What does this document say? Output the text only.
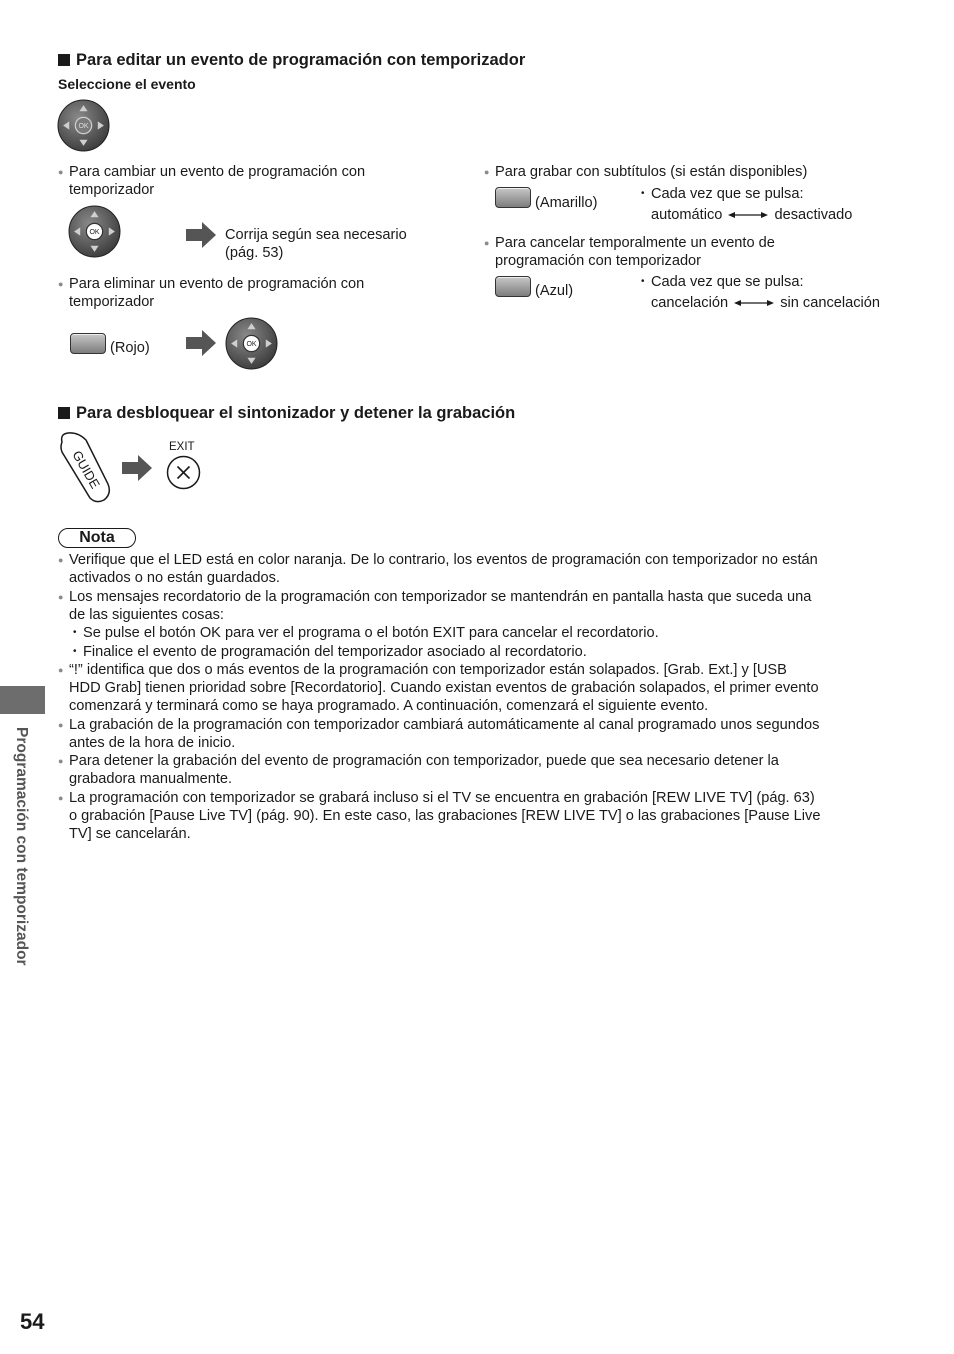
Para editar un evento de programación con temporizador
Seleccione el evento
OK
● Para cambiar un evento de programación con
temporizador
OK	Corrija según sea necesario
(pág. 53)
● Para eliminar un evento de programación con
temporizador
(Rojo)	OK
● Para grabar con subtítulos (si están disponibles)
(Amarillo)
• Cada vez que se pulsa:
automático	desactivado
● Para cancelar temporalmente un evento de
programación con temporizador
(Azul)
• Cada vez que se pulsa:
cancelación	sin cancelación
Para desbloquear el sintonizador y detener la grabación
GUIDE
EXIT
Nota
● Verifique que el LED está en color naranja. De lo contrario, los eventos de programación con temporizador no están
activados o no están guardados.
● Los mensajes recordatorio de la programación con temporizador se mantendrán en pantalla hasta que suceda una
de las siguientes cosas:
• Se pulse el botón OK para ver el programa o el botón EXIT para cancelar el recordatorio.
• Finalice el evento de programación del temporizador asociado al recordatorio.
● “!” identifica que dos o más eventos de la programación con temporizador están solapados. [Grab. Ext.] y [USB
HDD Grab] tienen prioridad sobre [Recordatorio]. Cuando existan eventos de grabación solapados, el primer evento
comenzará y terminará como se haya programado. A continuación, comenzará el siguiente evento.
● La grabación de la programación con temporizador cambiará automáticamente al canal programado unos segundos
antes de la hora de inicio.
● Para detener la grabación del evento de programación con temporizador, puede que sea necesario detener la
grabadora manualmente.
● La programación con temporizador se grabará incluso si el TV se encuentra en grabación [REW LIVE TV] (pág. 63)
o grabación [Pause Live TV] (pág. 90). En este caso, las grabaciones [REW LIVE TV] o las grabaciones [Pause Live
TV] se cancelarán.
Programación con temporizador
54
